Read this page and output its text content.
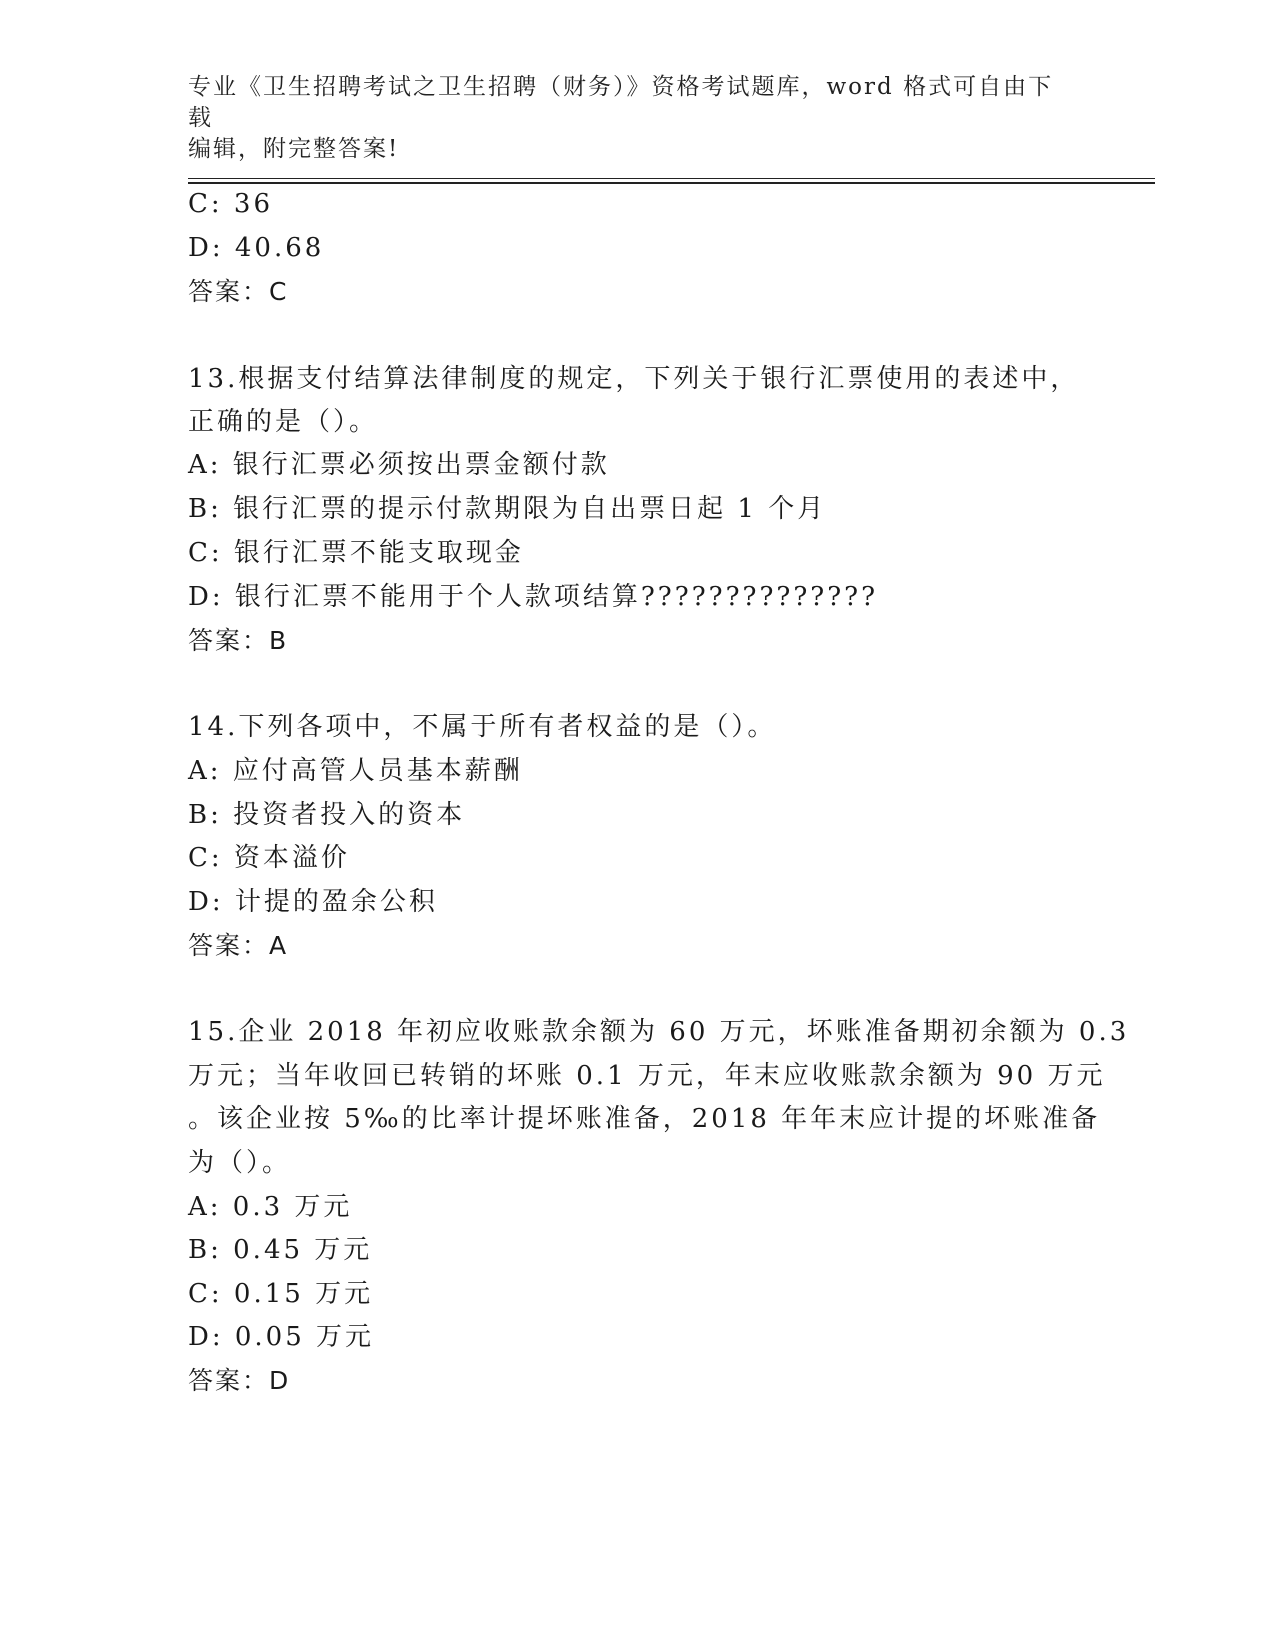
专业《卫生招聘考试之卫生招聘（财务）》资格考试题库，word 格式可自由下载
编辑，附完整答案!
C: 36
D: 40.68
答案：C
13.根据支付结算法律制度的规定，下列关于银行汇票使用的表述中，
正确的是（）。
A: 银行汇票必须按出票金额付款
B: 银行汇票的提示付款期限为自出票日起 1 个月
C: 银行汇票不能支取现金
D: 银行汇票不能用于个人款项结算??????????????
答案：B
14.下列各项中，不属于所有者权益的是（）。
A: 应付高管人员基本薪酬
B: 投资者投入的资本
C: 资本溢价
D: 计提的盈余公积
答案：A
15.企业 2018 年初应收账款余额为 60 万元，坏账准备期初余额为 0.3
万元；当年收回已转销的坏账 0.1 万元，年末应收账款余额为 90 万元
。该企业按 5‰的比率计提坏账准备，2018 年年末应计提的坏账准备
为（）。
A: 0.3 万元
B: 0.45 万元
C: 0.15 万元
D: 0.05 万元
答案：D
